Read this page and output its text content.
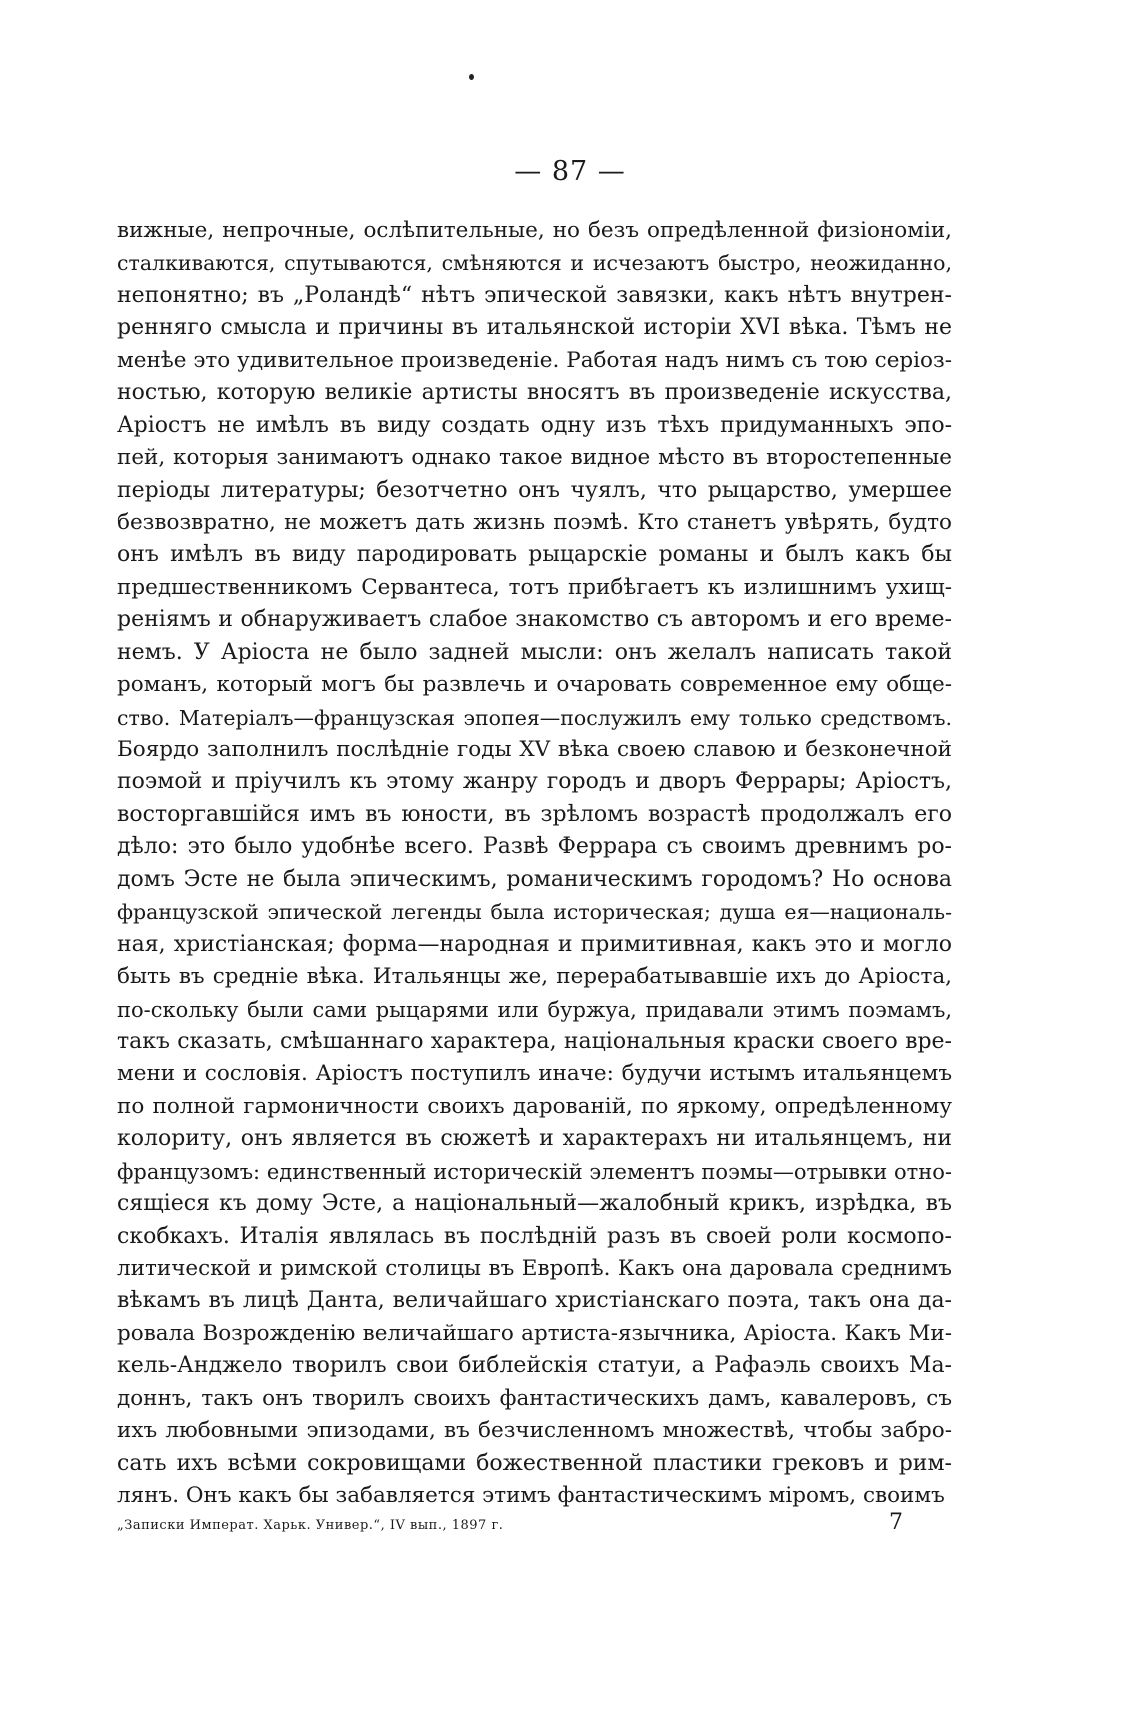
— 87 —
вижные, непрочные, ослѣпительные, но безъ опредѣленной физіономіи,
сталкиваются, спутываются, смѣняются и исчезаютъ быстро, неожиданно,
непонятно; въ „Роландѣ“ нѣтъ эпической завязки, какъ нѣтъ внутрен-
ренняго смысла и причины въ итальянской исторіи XVI вѣка. Тѣмъ не
менѣе это удивительное произведеніе. Работая надъ нимъ съ тою серіоз-
ностью, которую великіе артисты вносятъ въ произведеніе искусства,
Аріостъ не имѣлъ въ виду создать одну изъ тѣхъ придуманныхъ эпо-
пей, которыя занимаютъ однако такое видное мѣсто въ второстепенные
періоды литературы; безотчетно онъ чуялъ, что рыцарство, умершее
безвозвратно, не можетъ дать жизнь поэмѣ. Кто станетъ увѣрять, будто
онъ имѣлъ въ виду пародировать рыцарскіе романы и былъ какъ бы
предшественникомъ Сервантеса, тотъ прибѣгаетъ къ излишнимъ ухищ-
реніямъ и обнаруживаетъ слабое знакомство съ авторомъ и его време-
немъ. У Аріоста не было задней мысли: онъ желалъ написать такой
романъ, который могъ бы развлечь и очаровать современное ему обще-
ство. Матеріалъ—французская эпопея—послужилъ ему только средствомъ.
Боярдо заполнилъ послѣдніе годы XV вѣка своею славою и безконечной
поэмой и пріучилъ къ этому жанру городъ и дворъ Феррары; Аріостъ,
восторгавшійся имъ въ юности, въ зрѣломъ возрастѣ продолжалъ его
дѣло: это было удобнѣе всего. Развѣ Феррара съ своимъ древнимъ ро-
домъ Эсте не была эпическимъ, романическимъ городомъ? Но основа
французской эпической легенды была историческая; душа ея—националь-
ная, христіанская; форма—народная и примитивная, какъ это и могло
быть въ средніе вѣка. Итальянцы же, перерабатывавшіе ихъ до Аріоста,
по-скольку были сами рыцарями или буржуа, придавали этимъ поэмамъ,
такъ сказать, смѣшаннаго характера, національныя краски своего вре-
мени и сословія. Аріостъ поступилъ иначе: будучи истымъ итальянцемъ
по полной гармоничности своихъ дарованій, по яркому, опредѣленному
колориту, онъ является въ сюжетѣ и характерахъ ни итальянцемъ, ни
французомъ: единственный историческій элементъ поэмы—отрывки отно-
сящіеся къ дому Эсте, а національный—жалобный крикъ, изрѣдка, въ
скобкахъ. Италія являлась въ послѣдній разъ въ своей роли космопо-
литической и римской столицы въ Европѣ. Какъ она даровала среднимъ
вѣкамъ въ лицѣ Данта, величайшаго христіанскаго поэта, такъ она да-
ровала Возрожденію величайшаго артиста-язычника, Аріоста. Какъ Ми-
кель-Анджело творилъ свои библейскія статуи, а Рафаэль своихъ Ма-
доннъ, такъ онъ творилъ своихъ фантастическихъ дамъ, кавалеровъ, съ
ихъ любовными эпизодами, въ безчисленномъ множествѣ, чтобы забро-
сать ихъ всѣми сокровищами божественной пластики грековъ и рим-
лянъ. Онъ какъ бы забавляется этимъ фантастическимъ міромъ, своимъ
„Записки Императ. Харьк. Универ.“, IV вып., 1897 г.	7
